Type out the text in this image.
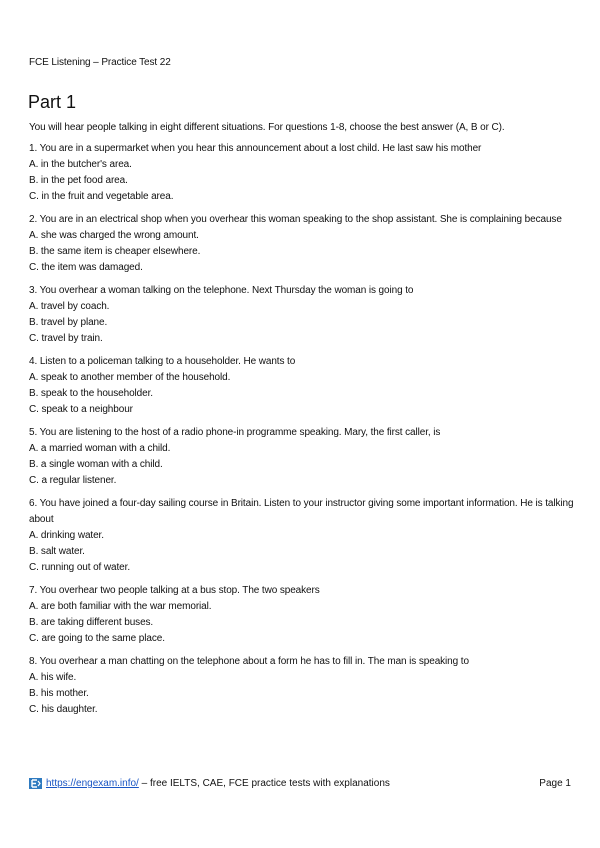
FCE Listening – Practice Test 22
Part 1
You will hear people talking in eight different situations. For questions 1-8, choose the best answer (A, B or C).
1. You are in a supermarket when you hear this announcement about a lost child. He last saw his mother
A. in the butcher's area.
B. in the pet food area.
C. in the fruit and vegetable area.
2. You are in an electrical shop when you overhear this woman speaking to the shop assistant. She is complaining because
A. she was charged the wrong amount.
B. the same item is cheaper elsewhere.
C. the item was damaged.
3. You overhear a woman talking on the telephone. Next Thursday the woman is going to
A. travel by coach.
B. travel by plane.
C. travel by train.
4. Listen to a policeman talking to a householder. He wants to
A. speak to another member of the household.
B. speak to the householder.
C. speak to a neighbour
5. You are listening to the host of a radio phone-in programme speaking. Mary, the first caller, is
A. a married woman with a child.
B. a single woman with a child.
C. a regular listener.
6. You have joined a four-day sailing course in Britain. Listen to your instructor giving some important information. He is talking about
A. drinking water.
B. salt water.
C. running out of water.
7. You overhear two people talking at a bus stop. The two speakers
A. are both familiar with the war memorial.
B. are taking different buses.
C. are going to the same place.
8. You overhear a man chatting on the telephone about a form he has to fill in. The man is speaking to
A. his wife.
B. his mother.
C. his daughter.
https://engexam.info/ – free IELTS, CAE, FCE practice tests with explanations	Page 1
